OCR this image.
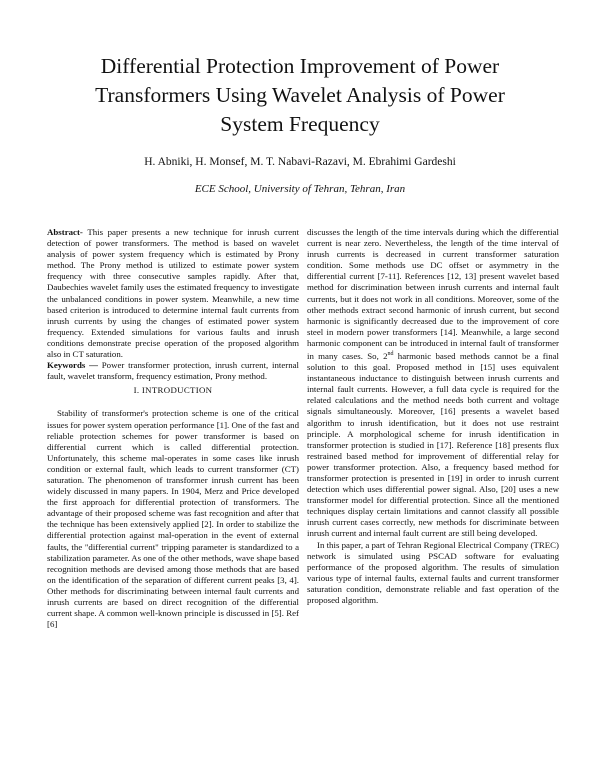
Differential Protection Improvement of Power
Transformers Using Wavelet Analysis of Power
System Frequency
H. Abniki, H. Monsef, M. T. Nabavi-Razavi, M. Ebrahimi Gardeshi
ECE School, University of Tehran, Tehran, Iran

Abstract- This paper presents a new technique for inrush current detection of power transformers. The method is based on wavelet analysis of power system frequency which is estimated by Prony method. The Prony method is utilized to estimate power system frequency with three consecutive samples rapidly. After that, Daubechies wavelet family uses the estimated frequency to investigate the unbalanced conditions in power system. Meanwhile, a new time based criterion is introduced to determine internal fault currents from inrush currents by using the changes of estimated power system frequency. Extended simulations for various faults and inrush conditions demonstrate precise operation of the proposed algorithm also in CT saturation.

Keywords — Power transformer protection, inrush current, internal fault, wavelet transform, frequency estimation, Prony method.

I. INTRODUCTION

Stability of transformer's protection scheme is one of the critical issues for power system operation performance [1]. One of the fast and reliable protection schemes for power transformer is based on differential current which is called differential protection. Unfortunately, this scheme mal-operates in some cases like inrush condition or external fault, which leads to current transformer (CT) saturation. The phenomenon of transformer inrush current has been widely discussed in many papers. In 1904, Merz and Price developed the first approach for differential protection of transformers. The advantage of their proposed scheme was fast recognition and after that the technique has been extensively applied [2]. In order to stabilize the differential protection against mal-operation in the event of external faults, the "differential current" tripping parameter is standardized to a stabilization parameter. As one of the other methods, wave shape based recognition methods are devised among those methods that are based on the identification of the separation of different current peaks [3, 4]. Other methods for discriminating between internal fault currents and inrush currents are based on direct recognition of the differential current shape. A common well-known principle is discussed in [5]. Ref [6]

discusses the length of the time intervals during which the differential current is near zero. Nevertheless, the length of the time interval of inrush currents is decreased in current transformer saturation condition. Some methods use DC offset or asymmetry in the differential current [7-11]. References [12, 13] present wavelet based method for discrimination between inrush currents and internal fault currents, but it does not work in all conditions. Moreover, some of the other methods extract second harmonic of inrush current, but second harmonic is significantly decreased due to the improvement of core steel in modern power transformers [14]. Meanwhile, a large second harmonic component can be introduced in internal fault of transformer in many cases. So, 2nd harmonic based methods cannot be a final solution to this goal. Proposed method in [15] uses equivalent instantaneous inductance to distinguish between inrush currents and internal fault currents. However, a full data cycle is required for the related calculations and the method needs both current and voltage signals simultaneously. Moreover, [16] presents a wavelet based algorithm to inrush identification, but it does not use restraint principle. A morphological scheme for inrush identification in transformer protection is studied in [17]. Reference [18] presents flux restrained based method for improvement of differential relay for power transformer protection. Also, a frequency based method for transformer protection is presented in [19] in order to inrush current detection which uses differential power signal. Also, [20] uses a new transformer model for differential protection. Since all the mentioned techniques display certain limitations and cannot classify all possible inrush current cases correctly, new methods for discriminate between inrush current and internal fault current are still being developed.

In this paper, a part of Tehran Regional Electrical Company (TREC) network is simulated using PSCAD software for evaluating performance of the proposed algorithm. The results of simulation various type of internal faults, external faults and current transformer saturation condition, demonstrate reliable and fast operation of the proposed algorithm.
